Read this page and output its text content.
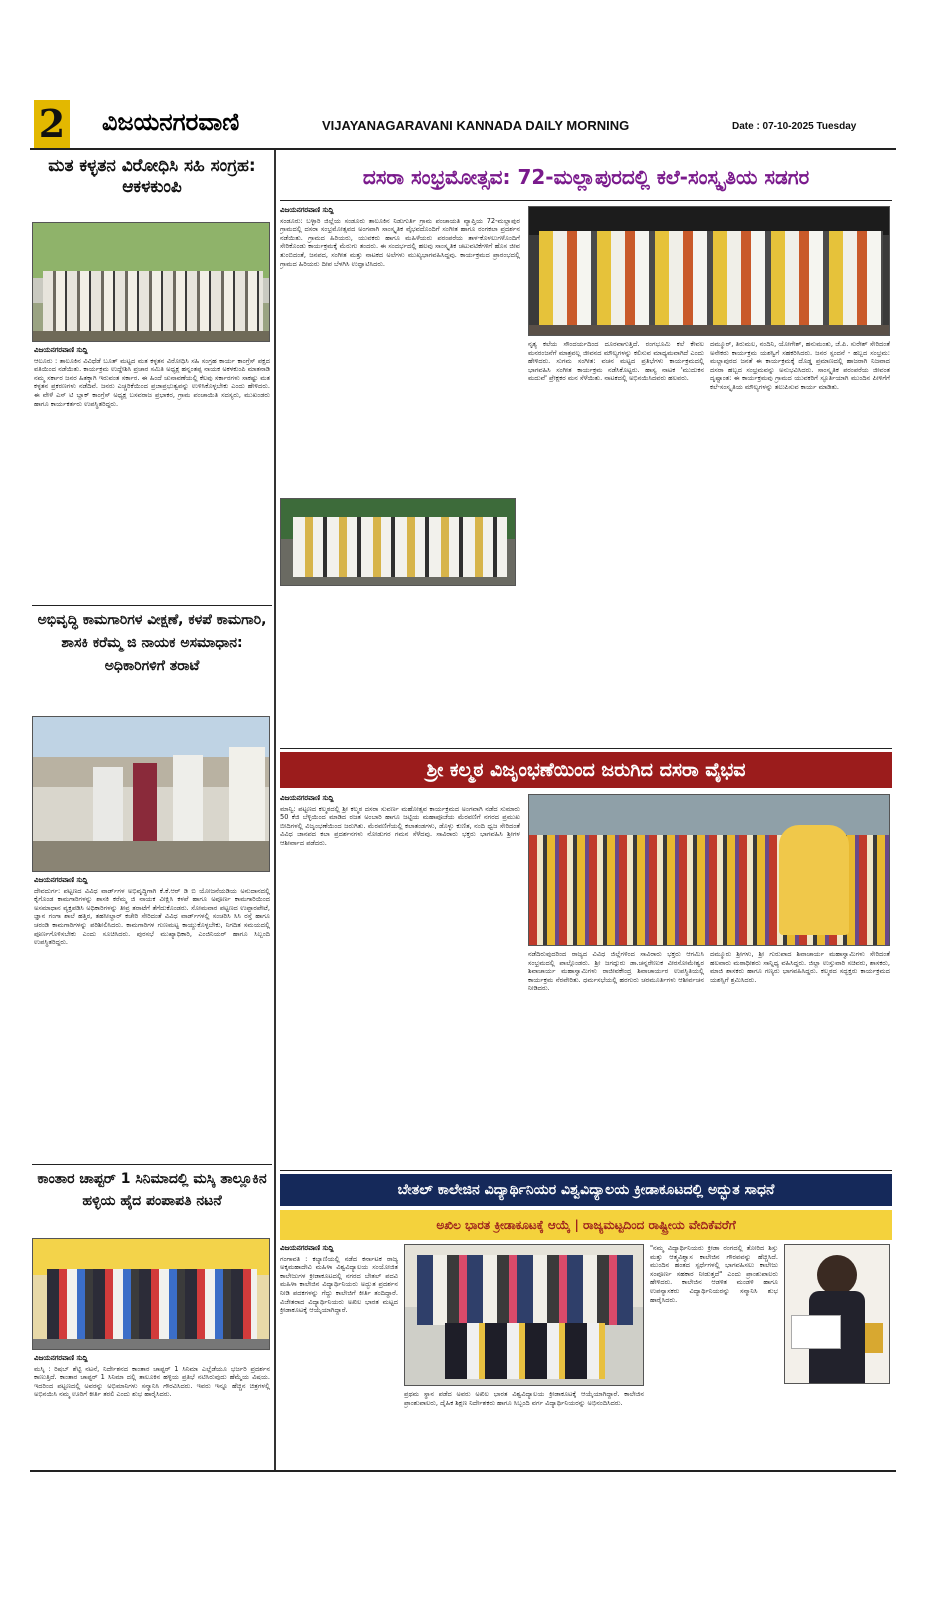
2 ವಿಜಯನಗರವಾಣಿ	VIJAYANAGARAVANI KANNADA DAILY MORNING	Date : 07-10-2025 Tuesday
ಮತ ಕಳ್ಳತನ ವಿರೋಧಿಸಿ ಸಹಿ ಸಂಗ್ರಹ: ಆಕಳಕುಂಪಿ
ವಿಜಯನಗರವಾಣಿ ಸುದ್ದಿ

ಆಲೂರು : ತಾಲೂಕಿನ ವಿವಿಧೆಡೆ ಬೂತ್ ಮಟ್ಟದ ಮತ ಕಳ್ಳತನ ವಿರೋಧಿಸಿ ಸಹಿ ಸಂಗ್ರಹ ಕಾರ್ಯ ಕಾಂಗ್ರೆಸ್ ಪಕ್ಷದ ವತಿಯಿಂದ ನಡೆಯಿತು. ಕಾರ್ಯಕ್ರಮ ಉದ್ದೇಶಿಸಿ ಪ್ರಚಾರ ಸಮಿತಿ ಅಧ್ಯಕ್ಷ ಹನ್ನಂತಪ್ಪ ನಾಯಕ ಅಕಳಕುಂಪಿ ಮಾತನಾಡಿ ನಮ್ಮ ಸರ್ಕಾರ ಜನರ ಹಿತಕ್ಕಾಗಿ ಇರುವಂತ ಸರ್ಕಾರ. ಈ ಹಿಂದೆ ಚುನಾವಣೆಯಲ್ಲಿ ಕೆಲವು ಸರ್ಕಾರಗಳು ಸಾಕಷ್ಟು ಮತ ಕಳ್ಳತನ ಪ್ರಕರಣಗಳು ನಡೆದಿವೆ. ಜನರು ಎಚ್ಚರಿಕೆಯಿಂದ ಪ್ರಜಾಪ್ರಭುತ್ವವನ್ನು ಉಳಿಸಿಕೊಳ್ಳಬೇಕು ಎಂದು ಹೇಳಿದರು. ಈ ವೇಳೆ ಎಸ್ ಟಿ ಬ್ಲಾಕ್ ಕಾಂಗ್ರೆಸ್ ಅಧ್ಯಕ್ಷ ಬಸವರಾಜ ಪ್ರಭಾಕರ, ಗ್ರಾಮ ಪಂಚಾಯಿತಿ ಸದಸ್ಯರು, ಮುಖಂಡರು ಹಾಗೂ ಕಾರ್ಯಕರ್ತರು ಉಪಸ್ಥಿತರಿದ್ದರು.

ಅಭಿವೃದ್ಧಿ ಕಾಮಗಾರಿಗಳ ವೀಕ್ಷಣೆ, ಕಳಪೆ ಕಾಮಗಾರಿ, ಶಾಸಕಿ ಕರೆಮ್ಮ ಜಿ ನಾಯಕ ಅಸಮಾಧಾನ: ಅಧಿಕಾರಿಗಳಿಗೆ ತರಾಟೆ
ವಿಜಯನಗರವಾಣಿ ಸುದ್ದಿ

ದೇವದುರ್ಗ: ಪಟ್ಟಣದ ವಿವಿಧ ವಾರ್ಡ್‌ಗಳ ಅಭಿವೃದ್ಧಿಗಾಗಿ ಕೆ.ಕೆ.ಆರ್ ಡಿ ಬಿ ಯೋಜನೆಯಡಿಯ ಅನುದಾನದಲ್ಲಿ ಕೈಗೊಂಡ ಕಾಮಗಾರಿಗಳನ್ನು ಶಾಸಕಿ ಕರೆಮ್ಮ ಜಿ ನಾಯಕ ವೀಕ್ಷಿಸಿ ಕಳಪೆ ಹಾಗೂ ಅಪೂರ್ಣ ಕಾಮಗಾರಿಯಿಂದ ಅಸಮಾಧಾನ ವ್ಯಕ್ತಪಡಿಸಿ ಅಧಿಕಾರಿಗಳನ್ನು ತೀವ್ರ ತರಾಟೆಗೆ ತೆಗೆದುಕೊಂಡರು. ಸೋಮವಾರ ಪಟ್ಟಣದ ಉಪ್ಪಾರಪೇಟೆ, ಜ್ಞಾನ ಗಂಗಾ ಶಾಲೆ ಹತ್ತಿರ, ತಹಸೀಲ್ದಾರ್ ಕಚೇರಿ ಸೇರಿದಂತೆ ವಿವಿಧ ವಾರ್ಡ್‌ಗಳಲ್ಲಿ ಸಂಚರಿಸಿ ಸಿಸಿ ರಸ್ತೆ ಹಾಗೂ ಚರಂಡಿ ಕಾಮಗಾರಿಗಳನ್ನು ಪರಿಶೀಲಿಸಿದರು. ಕಾಮಗಾರಿಗಳ ಗುಣಮಟ್ಟ ಕಾಯ್ದುಕೊಳ್ಳಬೇಕು, ನಿಗದಿತ ಸಮಯದಲ್ಲಿ ಪೂರ್ಣಗೊಳಿಸಬೇಕು ಎಂದು ಸೂಚಿಸಿದರು. ಪುರಸಭೆ ಮುಖ್ಯಾಧಿಕಾರಿ, ಎಂಜಿನಿಯರ್ ಹಾಗೂ ಸಿಬ್ಬಂದಿ ಉಪಸ್ಥಿತರಿದ್ದರು.

ಕಾಂತಾರ ಚಾಪ್ಟರ್ 1 ಸಿನಿಮಾದಲ್ಲಿ ಮಸ್ಕಿ ತಾಲ್ಲೂಕಿನ ಹಳ್ಳಿಯ ಹೈದ ಪಂಪಾಪತಿ ನಟನೆ
ವಿಜಯನಗರವಾಣಿ ಸುದ್ದಿ

ಮಸ್ಕಿ : ರಿಷಬ್ ಶೆಟ್ಟಿ ನಟನೆ, ನಿರ್ದೇಶನದ ಕಾಂತಾರ ಚಾಪ್ಟರ್ 1 ಸಿನಿಮಾ ಎಲ್ಲೆಡೆಯೂ ಭರ್ಜರಿ ಪ್ರದರ್ಶನ ಕಾಣುತ್ತಿದೆ. ಕಾಂತಾರ ಚಾಪ್ಟರ್ 1 ಸಿನಿಮಾ ದಲ್ಲಿ ತಾಲೂಕಿನ ಹಳ್ಳಿಯ ಪ್ರತಿಭೆ ನಟಿಸಿರುವುದು ಹೆಮ್ಮೆಯ ವಿಷಯ. ಇದರಿಂದ ಪಟ್ಟಣದಲ್ಲಿ ಅವರನ್ನು ಅಭಿಮಾನಿಗಳು ಸನ್ಮಾನಿಸಿ ಗೌರವಿಸಿದರು. ಇವರು ಇನ್ನೂ ಹೆಚ್ಚಿನ ಚಿತ್ರಗಳಲ್ಲಿ ಅಭಿನಯಿಸಿ ನಮ್ಮ ಊರಿಗೆ ಕೀರ್ತಿ ತರಲಿ ಎಂದು ಶುಭ ಹಾರೈಸಿದರು.

ದಸರಾ ಸಂಭ್ರಮೋತ್ಸವ: 72-ಮಲ್ಲಾಪುರದಲ್ಲಿ ಕಲೆ-ಸಂಸ್ಕೃತಿಯ ಸಡಗರ
ವಿಜಯನಗರವಾಣಿ ಸುದ್ದಿ

ಸಂಡೂರು: ಬಳ್ಳಾರಿ ಜಿಲ್ಲೆಯ ಸಂಡೂರು ತಾಲೂಕಿನ ನಿಡುಗುರ್ತಿ ಗ್ರಾಮ ಪಂಚಾಯತಿ ವ್ಯಾಪ್ತಿಯ 72-ಮಲ್ಲಾಪುರ ಗ್ರಾಮದಲ್ಲಿ ದಸರಾ ಸಂಭ್ರಮೋತ್ಸವದ ಅಂಗವಾಗಿ ಸಾಂಸ್ಕೃತಿಕ ವೈಭವದೊಂದಿಗೆ ಸಂಗೀತ ಹಾಗೂ ರಂಗಕಲಾ ಪ್ರದರ್ಶನ ನಡೆಯಿತು. ಗ್ರಾಮದ ಹಿರಿಯರು, ಯುವಕರು ಹಾಗೂ ಮಹಿಳೆಯರು ಪರಂಪರೆಯ ತಾಳ-ಕೊಳಲುಗಳೊಂದಿಗೆ ಸೇರಿಕೊಂಡು ಕಾರ್ಯಕ್ರಮಕ್ಕೆ ಮೆರುಗು ತಂದರು. ಈ ಸಂದರ್ಭದಲ್ಲಿ ಹಲವು ಸಾಂಸ್ಕೃತಿಕ ಚಟುವಟಿಕೆಗಳಿಗೆ ಹೊಸ ಜೀವ ತುಂಬಿದಂತೆ, ಜನಪದ, ಸಂಗೀತ ಮತ್ತು ನಾಟಕದ ಅಲೆಗಳು ಮುಖ್ಯಭಾಗವಹಿಸಿದ್ದವು. ಕಾರ್ಯಕ್ರಮದ ಪ್ರಾರಂಭದಲ್ಲಿ ಗ್ರಾಮದ ಹಿರಿಯರು ದೀಪ ಬೆಳಗಿಸಿ ಉದ್ಘಾಟಿಸಿದರು.

ನೃತ್ಯ ಕಲೆಯ ಸೌಂದರ್ಯದಿಂದ ದೂರವಾಗುತ್ತಿದೆ. ರಂಗಭೂಮಿ ಕಲೆ ಕೇವಲ ಮನರಂಜನೆಗೆ ಮಾತ್ರವಲ್ಲ ಜೀವನದ ಮೌಲ್ಯಗಳನ್ನು ಕಲಿಸುವ ಮಾಧ್ಯಮವಾಗಿದೆ ಎಂದು ಹೇಳಿದರು. ಸುಗಮ ಸಂಗೀತ: ವಚನ ಮಟ್ಟದ ಪ್ರತಿಭೆಗಳು ಕಾರ್ಯಕ್ರಮದಲ್ಲಿ ಭಾಗವಹಿಸಿ ಸಂಗೀತ ಕಾರ್ಯಕ್ರಮ ನಡೆಸಿಕೊಟ್ಟರು. ಹಾಸ್ಯ ನಾಟಕ 'ಮುದುಕನ ಮದುವೆ' ಪ್ರೇಕ್ಷಕರ ಮನ ಸೆಳೆಯಿತು. ನಾಟಕದಲ್ಲಿ ಅಭಿನಯಿಸಿದವರು ಹಲವರು.

ದಮ್ಮೂರ್, ತಿರುಮಲ, ನಂದಿನಿ, ಯೋಗೇಶ್, ಹನುಮಂತು, ಜೆ.ಪಿ. ಸುರೇಶ್ ಸೇರಿದಂತೆ ಅನೇಕರು ಕಾರ್ಯಕ್ರಮ ಯಶಸ್ವಿಗೆ ಸಹಕರಿಸಿದರು. ಜನರ ಸ್ಪಂದನೆ - ಹಬ್ಬದ ಸಂಭ್ರಮ: ಮಲ್ಲಾಪುರದ ಜನತೆ ಈ ಕಾರ್ಯಕ್ರಮಕ್ಕೆ ದೊಡ್ಡ ಪ್ರಮಾಣದಲ್ಲಿ ಹಾಜರಾಗಿ ನಿಜವಾದ ದಸರಾ ಹಬ್ಬದ ಸಂಭ್ರಮವನ್ನು ಅನುಭವಿಸಿದರು. ಸಾಂಸ್ಕೃತಿಕ ಪರಂಪರೆಯ ಜೀವಂತ ದೃಷ್ಟಾಂತ: ಈ ಕಾರ್ಯಕ್ರಮವು ಗ್ರಾಮದ ಯುವಕರಿಗೆ ಸ್ಫೂರ್ತಿಯಾಗಿ ಮುಂದಿನ ಪೀಳಿಗೆಗೆ ಕಲೆ-ಸಂಸ್ಕೃತಿಯ ಮೌಲ್ಯಗಳನ್ನು ತಲುಪಿಸುವ ಕಾರ್ಯ ಮಾಡಿತು.

ಶ್ರೀ ಕಲ್ಮಠ ವಿಜೃಂಭಣೆಯಿಂದ ಜರುಗಿದ ದಸರಾ ವೈಭವ
ವಿಜಯನಗರವಾಣಿ ಸುದ್ದಿ

ಮಾನ್ವಿ: ಪಟ್ಟಣದ ಕಲ್ಮಠದಲ್ಲಿ ಶ್ರೀ ಕಲ್ಮಠ ದಸರಾ ಸುವರ್ಣ ಮಹೋತ್ಸವ ಕಾರ್ಯಕ್ರಮದ ಅಂಗವಾಗಿ ನಡೆದ ಸುಮಾರು 50 ಕೆಜಿ ಬೆಳ್ಳಿಯಿಂದ ಮಾಡಿದ ರಜತ ಅಂಬಾರಿ ಹಾಗೂ ಜಟ್ಟಿಯ ಮಹಾಪೂಜೆಯ ಮೆರವಣಿಗೆ ನಗರದ ಪ್ರಮುಖ ಬೀದಿಗಳಲ್ಲಿ ವಿಜೃಂಭಣೆಯಿಂದ ಜರುಗಿತು. ಮೆರವಣಿಗೆಯಲ್ಲಿ ಕಲಾತಂಡಗಳು, ಡೊಳ್ಳು ಕುಣಿತ, ನಂದಿ ಧ್ವಜ ಸೇರಿದಂತೆ ವಿವಿಧ ಜಾನಪದ ಕಲಾ ಪ್ರದರ್ಶನಗಳು ನೋಡುಗರ ಗಮನ ಸೆಳೆದವು. ಸಾವಿರಾರು ಭಕ್ತರು ಭಾಗವಹಿಸಿ ಶ್ರೀಗಳ ಆಶೀರ್ವಾದ ಪಡೆದರು.

ನಡೆದಿರುವುದರಿಂದ ರಾಜ್ಯದ ವಿವಿಧ ಜಿಲ್ಲೆಗಳಿಂದ ಸಾವಿರಾರು ಭಕ್ತರು ಆಗಮಿಸಿ ಸಂಭ್ರಮದಲ್ಲಿ ಪಾಲ್ಗೊಂಡರು. ಶ್ರೀ ಜಗದ್ಗುರು ಡಾ.ಚನ್ನರೇಣುಕ ವೀರಸೋಮೇಶ್ವರ ಶಿವಾಚಾರ್ಯ ಮಹಾಸ್ವಾಮಿಗಳು ರಾಜೀವಕೇಂದ್ರ ಶಿವಾಚಾರ್ಯರ ಉಪಸ್ಥಿತಿಯಲ್ಲಿ ಕಾರ್ಯಕ್ರಮ ನೆರವೇರಿತು. ಧರ್ಮಸಭೆಯಲ್ಲಿ ಹರಗುರು ಚರಮೂರ್ತಿಗಳು ಆಶೀರ್ವಚನ ನೀಡಿದರು.

ದಮ್ಮೂರು ಶ್ರೀಗಳು, ಶ್ರೀ ಗುರುಪಾದ ಶಿವಾಚಾರ್ಯ ಮಹಾಸ್ವಾಮಿಗಳು ಸೇರಿದಂತೆ ಹಲವಾರು ಮಠಾಧೀಶರು ಸಾನ್ನಿಧ್ಯ ವಹಿಸಿದ್ದರು. ಜಿಲ್ಲಾ ಉಸ್ತುವಾರಿ ಸಚಿವರು, ಶಾಸಕರು, ಮಾಜಿ ಶಾಸಕರು ಹಾಗೂ ಗಣ್ಯರು ಭಾಗವಹಿಸಿದ್ದರು. ಕಲ್ಮಠದ ಸದ್ಭಕ್ತರು ಕಾರ್ಯಕ್ರಮದ ಯಶಸ್ಸಿಗೆ ಶ್ರಮಿಸಿದರು.

ಬೇತಲ್ ಕಾಲೇಜಿನ ವಿದ್ಯಾರ್ಥಿನಿಯರ ವಿಶ್ವವಿದ್ಯಾಲಯ ಕ್ರೀಡಾಕೂಟದಲ್ಲಿ ಅದ್ಭುತ ಸಾಧನೆ
ಅಖಿಲ ಭಾರತ ಕ್ರೀಡಾಕೂಟಕ್ಕೆ ಆಯ್ಕೆ | ರಾಜ್ಯಮಟ್ಟದಿಂದ ರಾಷ್ಟ್ರೀಯ ವೇದಿಕೆವರೆಗೆ
ವಿಜಯನಗರವಾಣಿ ಸುದ್ದಿ

ಗಂಗಾವತಿ : ಕಲ್ಯಾಣಿಯಲ್ಲಿ ನಡೆದ ಕರ್ನಾಟಕ ರಾಜ್ಯ ಅಕ್ಕಮಹಾದೇವಿ ಮಹಿಳಾ ವಿಶ್ವವಿದ್ಯಾಲಯ ಸಂಯೋಜಿತ ಕಾಲೇಜುಗಳ ಕ್ರೀಡಾಕೂಟದಲ್ಲಿ ನಗರದ ಬೇತಲ್ ಪದವಿ ಮಹಿಳಾ ಕಾಲೇಜಿನ ವಿದ್ಯಾರ್ಥಿನಿಯರು ಅದ್ಭುತ ಪ್ರದರ್ಶನ ನೀಡಿ ಪದಕಗಳನ್ನು ಗೆದ್ದು ಕಾಲೇಜಿಗೆ ಕೀರ್ತಿ ತಂದಿದ್ದಾರೆ. ವಿಜೇತರಾದ ವಿದ್ಯಾರ್ಥಿನಿಯರು ಅಖಿಲ ಭಾರತ ಮಟ್ಟದ ಕ್ರೀಡಾಕೂಟಕ್ಕೆ ಆಯ್ಕೆಯಾಗಿದ್ದಾರೆ.

ಪ್ರಥಮ ಸ್ಥಾನ ಪಡೆದ ಅವರು ಅಖಿಲ ಭಾರತ ವಿಶ್ವವಿದ್ಯಾಲಯ ಕ್ರೀಡಾಕೂಟಕ್ಕೆ ಆಯ್ಕೆಯಾಗಿದ್ದಾರೆ. ಕಾಲೇಜಿನ ಪ್ರಾಂಶುಪಾಲರು, ದೈಹಿಕ ಶಿಕ್ಷಣ ನಿರ್ದೇಶಕರು ಹಾಗೂ ಸಿಬ್ಬಂದಿ ವರ್ಗ ವಿದ್ಯಾರ್ಥಿನಿಯರನ್ನು ಅಭಿನಂದಿಸಿದರು.

"ನಮ್ಮ ವಿದ್ಯಾರ್ಥಿನಿಯರು ಕ್ರೀಡಾ ರಂಗದಲ್ಲಿ ತೋರಿದ ಶಿಸ್ತು ಮತ್ತು ಆತ್ಮವಿಶ್ವಾಸ ಕಾಲೇಜಿನ ಗೌರವವನ್ನು ಹೆಚ್ಚಿಸಿದೆ. ಮುಂದಿನ ಹಂತದ ಸ್ಪರ್ಧೆಗಳಲ್ಲಿ ಭಾಗವಹಿಸಲು ಕಾಲೇಜು ಸಂಪೂರ್ಣ ಸಹಕಾರ ನೀಡುತ್ತದೆ" ಎಂದು ಪ್ರಾಂಶುಪಾಲರು ಹೇಳಿದರು. ಕಾಲೇಜಿನ ಆಡಳಿತ ಮಂಡಳಿ ಹಾಗೂ ಉಪನ್ಯಾಸಕರು ವಿದ್ಯಾರ್ಥಿನಿಯರನ್ನು ಸನ್ಮಾನಿಸಿ ಶುಭ ಹಾರೈಸಿದರು.
